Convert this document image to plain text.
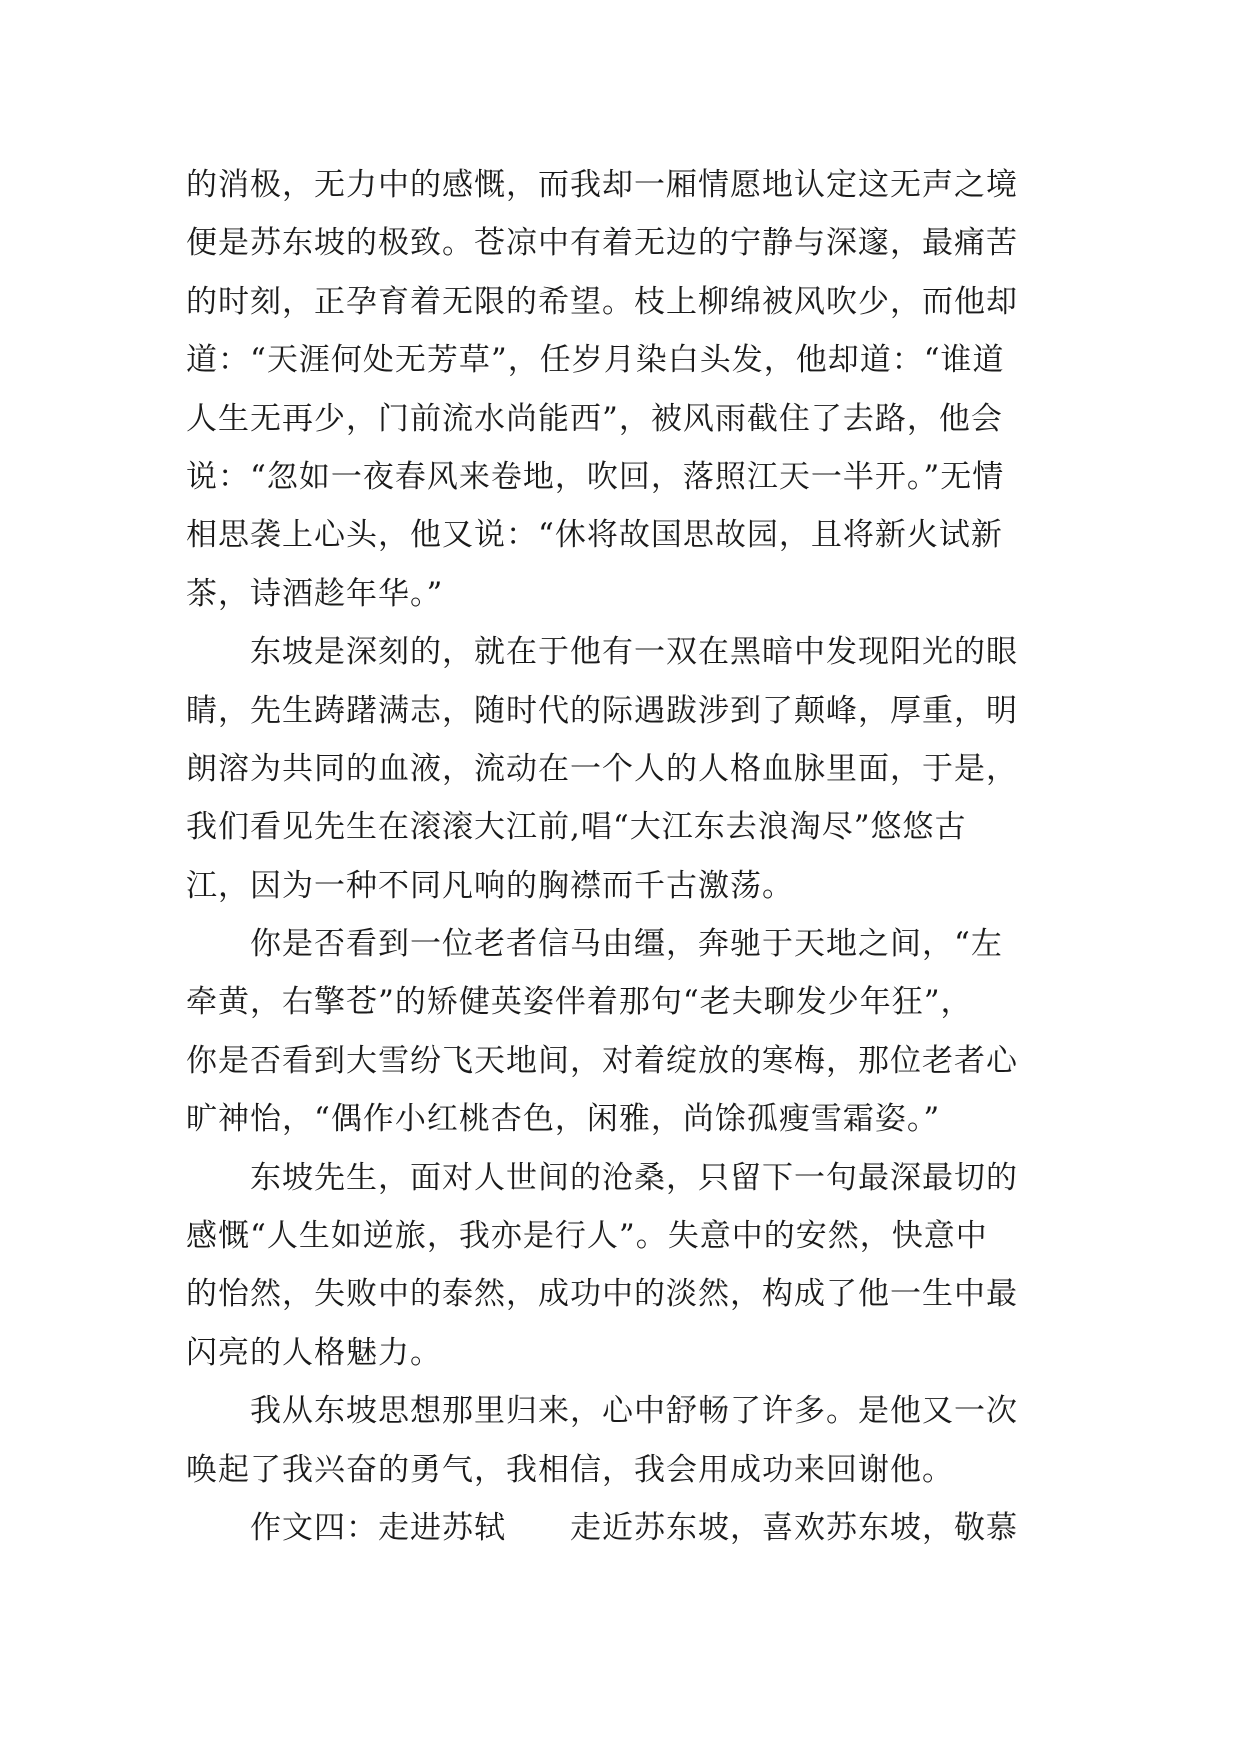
的消极，无力中的感慨，而我却一厢情愿地认定这无声之境
便是苏东坡的极致。苍凉中有着无边的宁静与深邃，最痛苦
的时刻，正孕育着无限的希望。枝上柳绵被风吹少，而他却
道：“天涯何处无芳草”，任岁月染白头发，他却道：“谁道
人生无再少，门前流水尚能西”，被风雨截住了去路，他会
说：“忽如一夜春风来卷地，吹回，落照江天一半开。”无情
相思袭上心头，他又说：“休将故国思故园，且将新火试新
茶，诗酒趁年华。”
东坡是深刻的，就在于他有一双在黑暗中发现阳光的眼
睛，先生踌躇满志，随时代的际遇跋涉到了颠峰，厚重，明
朗溶为共同的血液，流动在一个人的人格血脉里面，于是，
我们看见先生在滚滚大江前,唱“大江东去浪淘尽”悠悠古
江，因为一种不同凡响的胸襟而千古激荡。
你是否看到一位老者信马由缰，奔驰于天地之间，“左
牵黄，右擎苍”的矫健英姿伴着那句“老夫聊发少年狂”，
你是否看到大雪纷飞天地间，对着绽放的寒梅，那位老者心
旷神怡，“偶作小红桃杏色，闲雅，尚馀孤瘦雪霜姿。”
东坡先生，面对人世间的沧桑，只留下一句最深最切的
感慨“人生如逆旅，我亦是行人”。失意中的安然，快意中
的怡然，失败中的泰然，成功中的淡然，构成了他一生中最
闪亮的人格魅力。
我从东坡思想那里归来，心中舒畅了许多。是他又一次
唤起了我兴奋的勇气，我相信，我会用成功来回谢他。
作文四：走进苏轼　　走近苏东坡，喜欢苏东坡，敬慕
